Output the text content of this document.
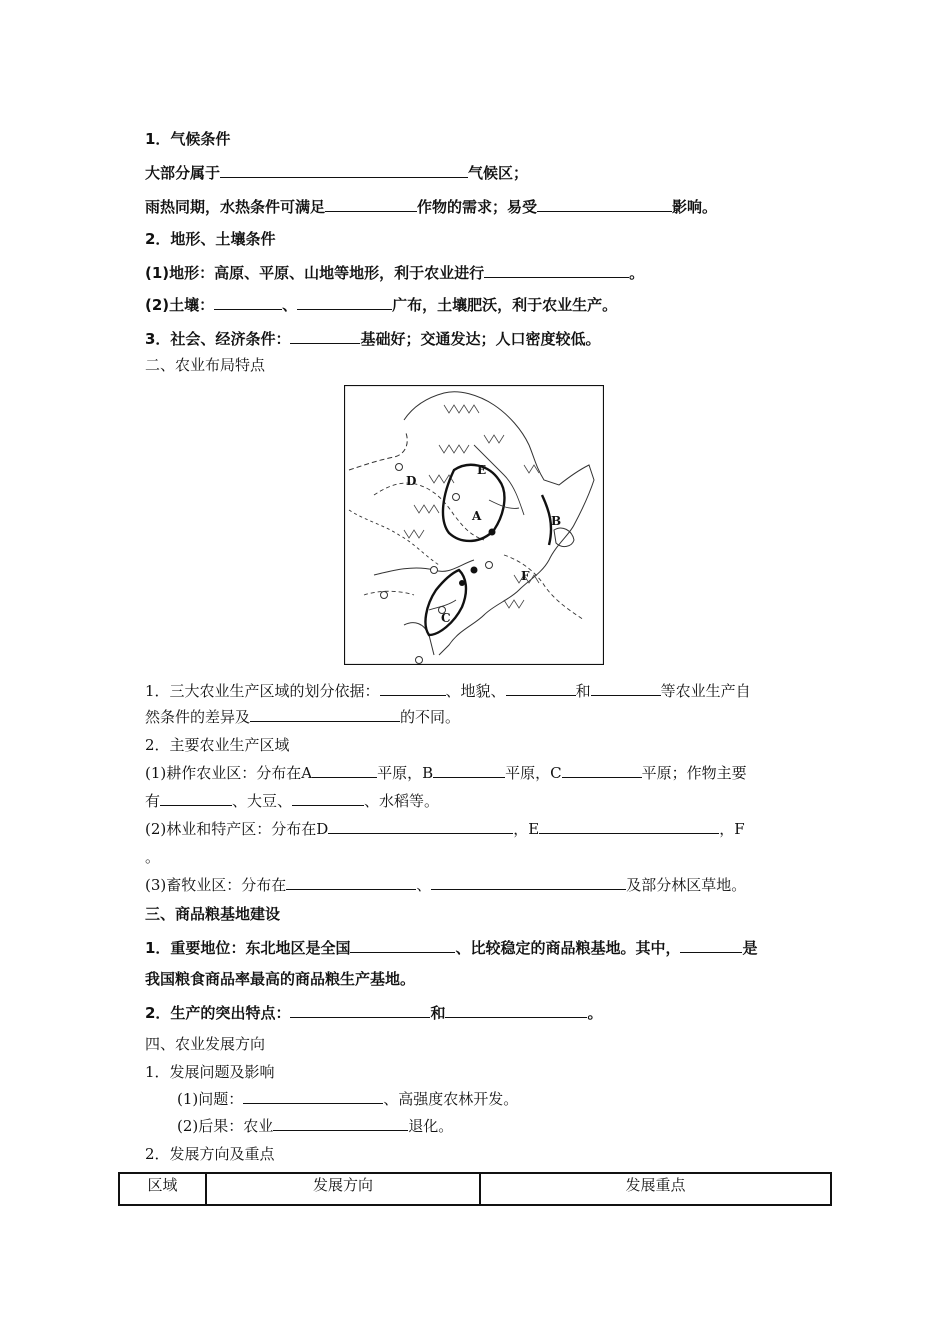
1．气候条件
大部分属于	气候区；
雨热同期，水热条件可满足	作物的需求；易受	影响。
2．地形、土壤条件
(1)地形：高原、平原、山地等地形，利于农业进行	。
(2)土壤：	、	广布，土壤肥沃，利于农业生产。
3．社会、经济条件：	基础好；交通发达；人口密度较低。
二、农业布局特点
A	B
C
D
E
F
1．三大农业生产区域的划分依据：	、地貌、	和	等农业生产自
然条件的差异及	的不同。
2．主要农业生产区域
(1)耕作农业区：分布在A	平原，B	平原，C	平原；作物主要
有	、大豆、	、水稻等。
(2)林业和特产区：分布在D	，E	，F
。
(3)畜牧业区：分布在	、	及部分林区草地。
三、商品粮基地建设
1．重要地位：东北地区是全国	、比较稳定的商品粮基地。其中，	是
我国粮食商品率最高的商品粮生产基地。
2．生产的突出特点：	和	。
四、农业发展方向
1．发展问题及影响
(1)问题：	、高强度农林开发。
(2)后果：农业	退化。
2．发展方向及重点
区域	发展方向	发展重点
